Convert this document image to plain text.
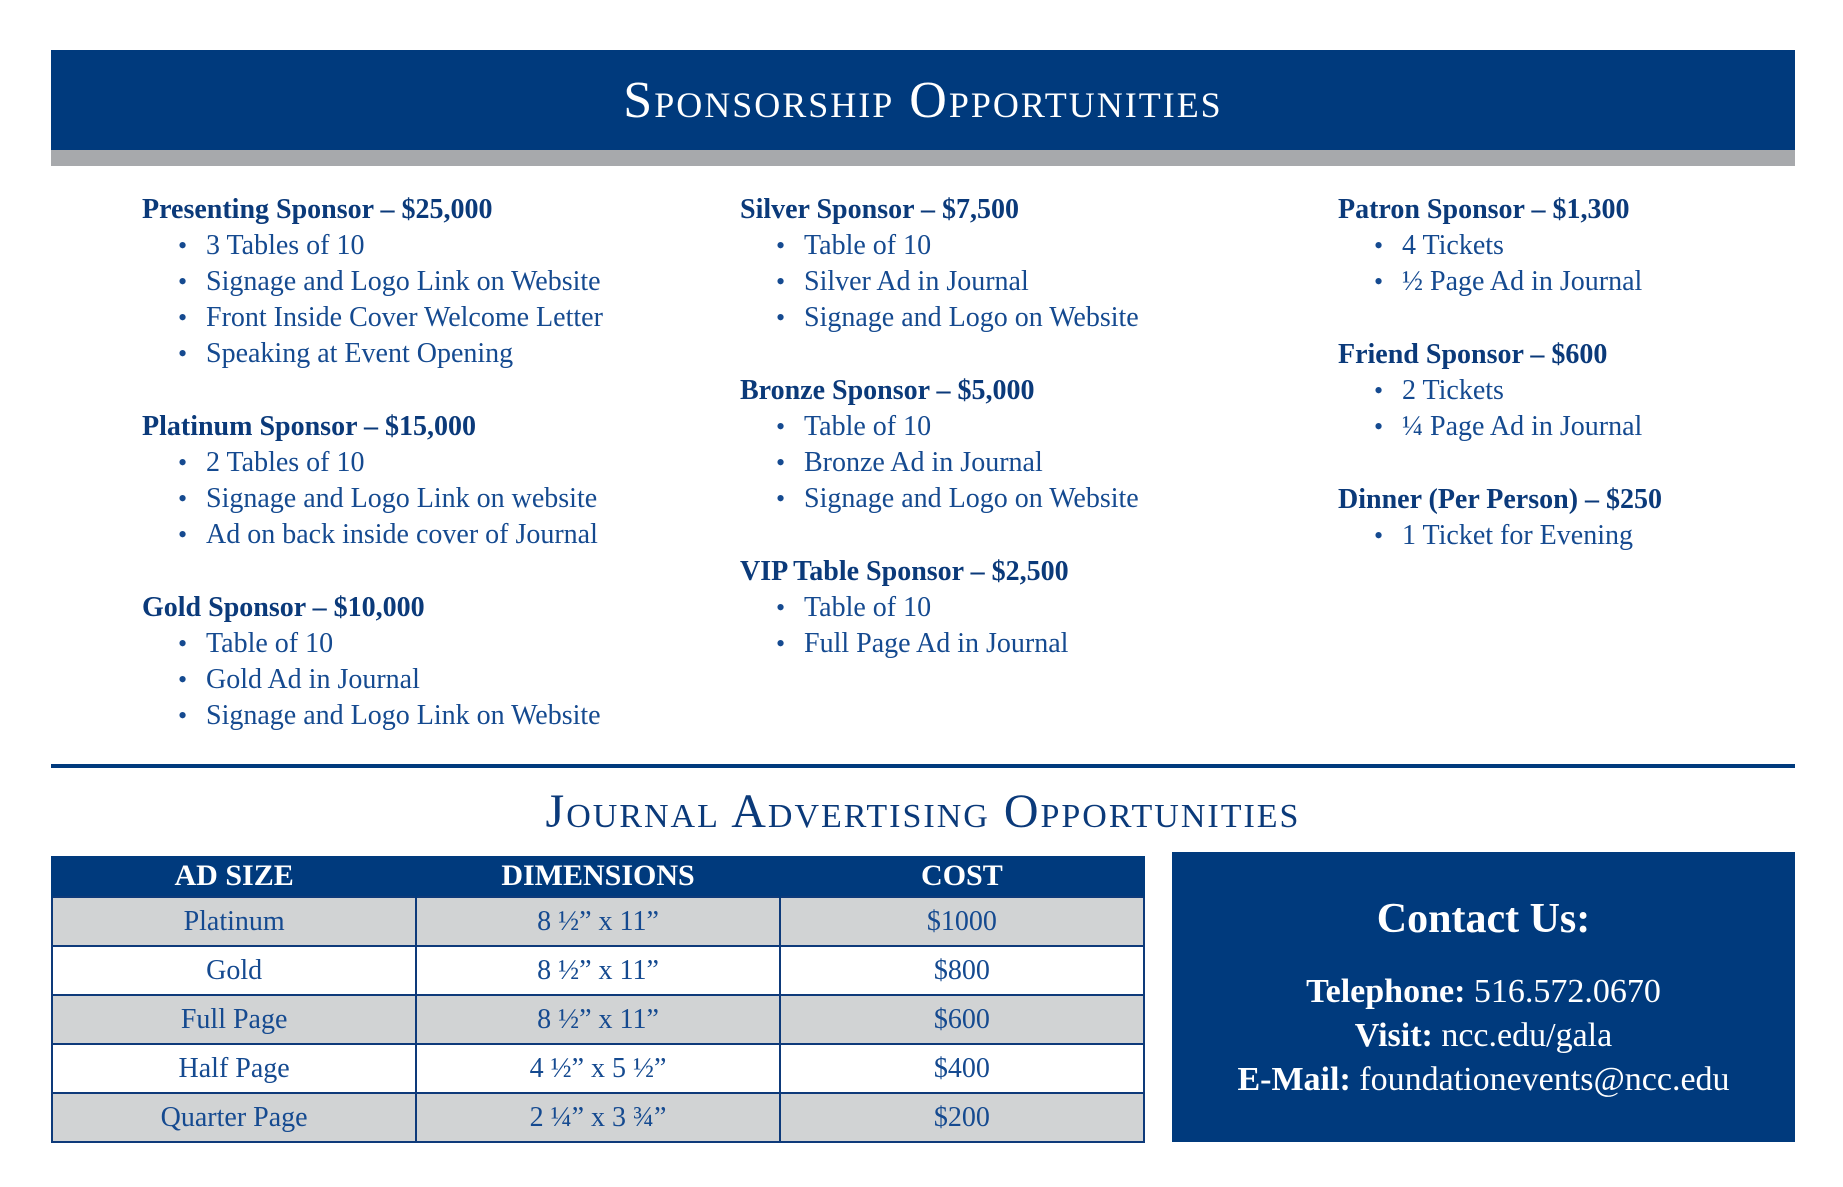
Sponsorship Opportunities
Presenting Sponsor – $25,000
• 3 Tables of 10
• Signage and Logo Link on Website
• Front Inside Cover Welcome Letter
• Speaking at Event Opening
Platinum Sponsor – $15,000
• 2 Tables of 10
• Signage and Logo Link on website
• Ad on back inside cover of Journal
Gold Sponsor – $10,000
• Table of 10
• Gold Ad in Journal
• Signage and Logo Link on Website
Silver Sponsor – $7,500
• Table of 10
• Silver Ad in Journal
• Signage and Logo on Website
Bronze Sponsor – $5,000
• Table of 10
• Bronze Ad in Journal
• Signage and Logo on Website
VIP Table Sponsor – $2,500
• Table of 10
• Full Page Ad in Journal
Patron Sponsor – $1,300
• 4 Tickets
• ½ Page Ad in Journal
Friend Sponsor – $600
• 2 Tickets
• ¼ Page Ad in Journal
Dinner (Per Person) – $250
• 1 Ticket for Evening
Journal Advertising Opportunities
AD SIZE	DIMENSIONS	COST
Platinum	8 ½” x 11”	$1000
Gold	8 ½” x 11”	$800
Full Page	8 ½” x 11”	$600
Half Page	4 ½” x 5 ½”	$400
Quarter Page	2 ¼” x 3 ¾”	$200
Contact Us:
Telephone: 516.572.0670
Visit: ncc.edu/gala
E-Mail: foundationevents@ncc.edu
